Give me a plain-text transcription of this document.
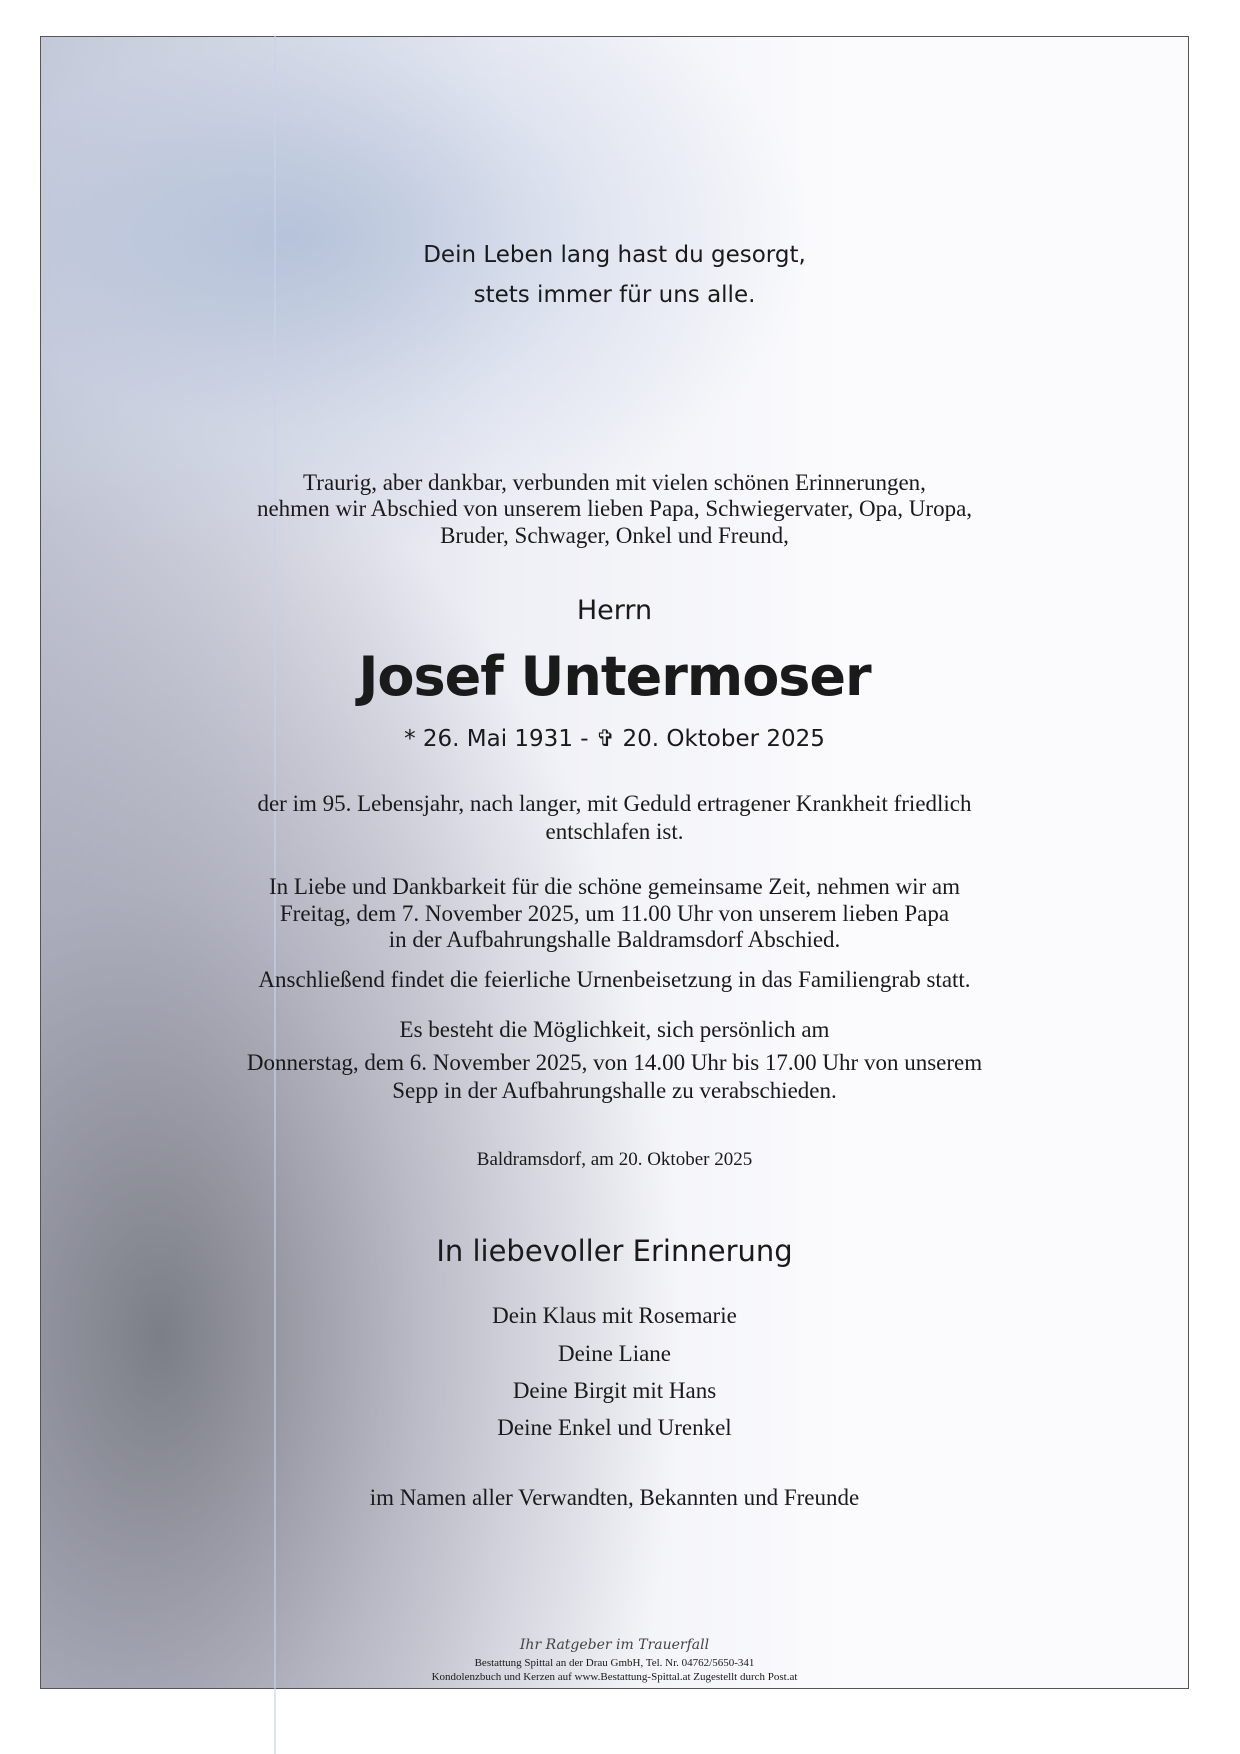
Dein Leben lang hast du gesorgt,
stets immer für uns alle.
Traurig, aber dankbar, verbunden mit vielen schönen Erinnerungen,
nehmen wir Abschied von unserem lieben Papa, Schwiegervater, Opa, Uropa,
Bruder, Schwager, Onkel und Freund,
Herrn
Josef Untermoser
* 26. Mai 1931 - ✞ 20. Oktober 2025
der im 95. Lebensjahr, nach langer, mit Geduld ertragener Krankheit friedlich
entschlafen ist.
In Liebe und Dankbarkeit für die schöne gemeinsame Zeit, nehmen wir am
Freitag, dem 7. November 2025, um 11.00 Uhr von unserem lieben Papa
in der Aufbahrungshalle Baldramsdorf Abschied.
Anschließend findet die feierliche Urnenbeisetzung in das Familiengrab statt.
Es besteht die Möglichkeit, sich persönlich am
Donnerstag, dem 6. November 2025, von 14.00 Uhr bis 17.00 Uhr von unserem
Sepp in der Aufbahrungshalle zu verabschieden.
Baldramsdorf, am 20. Oktober 2025
In liebevoller Erinnerung
Dein Klaus mit Rosemarie
Deine Liane
Deine Birgit mit Hans
Deine Enkel und Urenkel
im Namen aller Verwandten, Bekannten und Freunde
Ihr Ratgeber im Trauerfall
Bestattung Spittal an der Drau GmbH, Tel. Nr. 04762/5650-341
Kondolenzbuch und Kerzen auf www.Bestattung-Spittal.at Zugestellt durch Post.at
